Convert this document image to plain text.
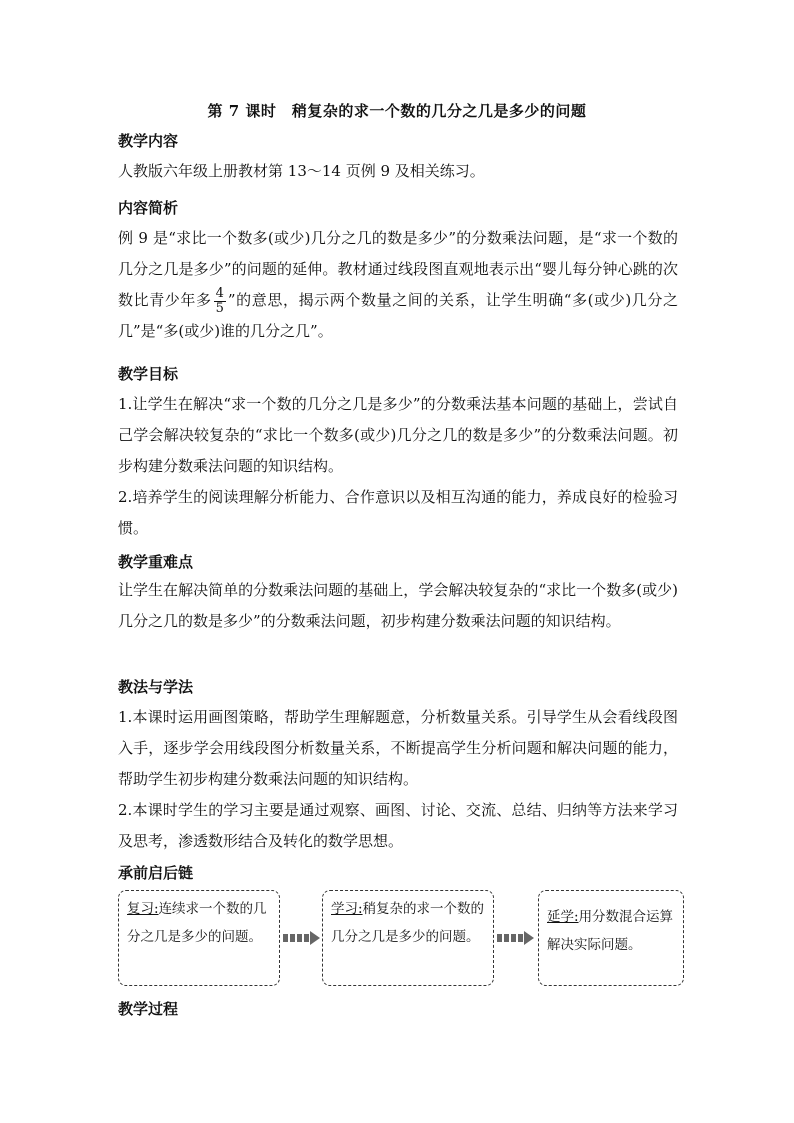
第 7 课时　稍复杂的求一个数的几分之几是多少的问题
教学内容
人教版六年级上册教材第 13～14 页例 9 及相关练习。
内容简析
例 9 是“求比一个数多(或少)几分之几的数是多少”的分数乘法问题，是“求一个数的几分之几是多少”的问题的延伸。教材通过线段图直观地表示出“婴儿每分钟心跳的次数比青少年多 $\frac{4}{5}$ ”的意思，揭示两个数量之间的关系，让学生明确“多(或少)几分之几”是“多(或少)谁的几分之几”。
教学目标
1.让学生在解决“求一个数的几分之几是多少”的分数乘法基本问题的基础上，尝试自己学会解决较复杂的“求比一个数多(或少)几分之几的数是多少”的分数乘法问题。初步构建分数乘法问题的知识结构。
2.培养学生的阅读理解分析能力、合作意识以及相互沟通的能力，养成良好的检验习惯。
教学重难点
让学生在解决简单的分数乘法问题的基础上，学会解决较复杂的“求比一个数多(或少)几分之几的数是多少”的分数乘法问题，初步构建分数乘法问题的知识结构。
教法与学法
1.本课时运用画图策略，帮助学生理解题意，分析数量关系。引导学生从会看线段图入手，逐步学会用线段图分析数量关系，不断提高学生分析问题和解决问题的能力，帮助学生初步构建分数乘法问题的知识结构。
2.本课时学生的学习主要是通过观察、画图、讨论、交流、总结、归纳等方法来学习及思考，渗透数形结合及转化的数学思想。
承前启后链
复习:连续求一个数的几分之几是多少的问题。
学习:稍复杂的求一个数的几分之几是多少的问题。
延学:用分数混合运算解决实际问题。
教学过程
